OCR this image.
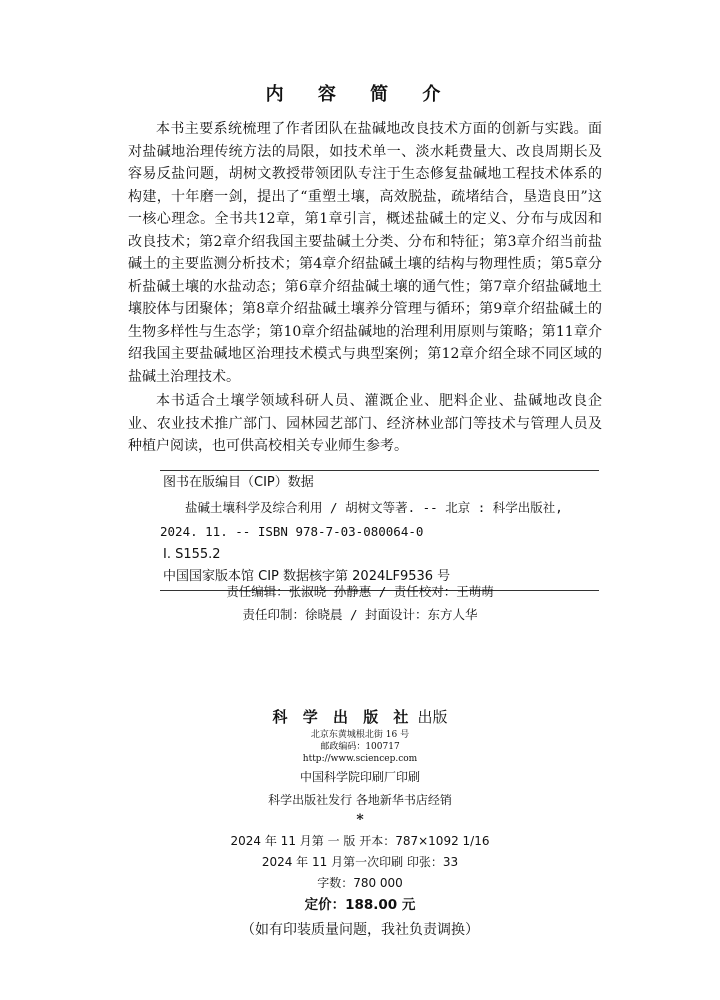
内 容 简 介

本书主要系统梳理了作者团队在盐碱地改良技术方面的创新与实践。面对盐碱地治理传统方法的局限，如技术单一、淡水耗费量大、改良周期长及容易反盐问题，胡树文教授带领团队专注于生态修复盐碱地工程技术体系的构建，十年磨一剑，提出了“重塑土壤，高效脱盐，疏堵结合，垦造良田”这一核心理念。全书共12章，第1章引言，概述盐碱土的定义、分布与成因和改良技术；第2章介绍我国主要盐碱土分类、分布和特征；第3章介绍当前盐碱土的主要监测分析技术；第4章介绍盐碱土壤的结构与物理性质；第5章分析盐碱土壤的水盐动态；第6章介绍盐碱土壤的通气性；第7章介绍盐碱地土壤胶体与团聚体；第8章介绍盐碱土壤养分管理与循环；第9章介绍盐碱土的生物多样性与生态学；第10章介绍盐碱地的治理利用原则与策略；第11章介绍我国主要盐碱地区治理技术模式与典型案例；第12章介绍全球不同区域的盐碱土治理技术。

本书适合土壤学领域科研人员、灌溉企业、肥料企业、盐碱地改良企业、农业技术推广部门、园林园艺部门、经济林业部门等技术与管理人员及种植户阅读，也可供高校相关专业师生参考。

图书在版编目（CIP）数据
盐碱土壤科学及综合利用 / 胡树文等著. -- 北京 : 科学出版社, 2024. 11. -- ISBN 978-7-03-080064-0
Ⅰ. S155.2
中国国家版本馆 CIP 数据核字第 2024LF9536 号
责任编辑：张淑晓 孙静惠 / 责任校对：王萌萌
责任印制：徐晓晨 / 封面设计：东方人华
科 学 出 版 社 出版
北京东黄城根北街 16 号
邮政编码：100717
http://www.sciencep.com
中国科学院印刷厂印刷
科学出版社发行 各地新华书店经销
*
2024 年 11 月第 一 版 开本：787×1092 1/16
2024 年 11 月第一次印刷 印张：33
字数：780 000
定价：188.00 元
（如有印装质量问题，我社负责调换）
